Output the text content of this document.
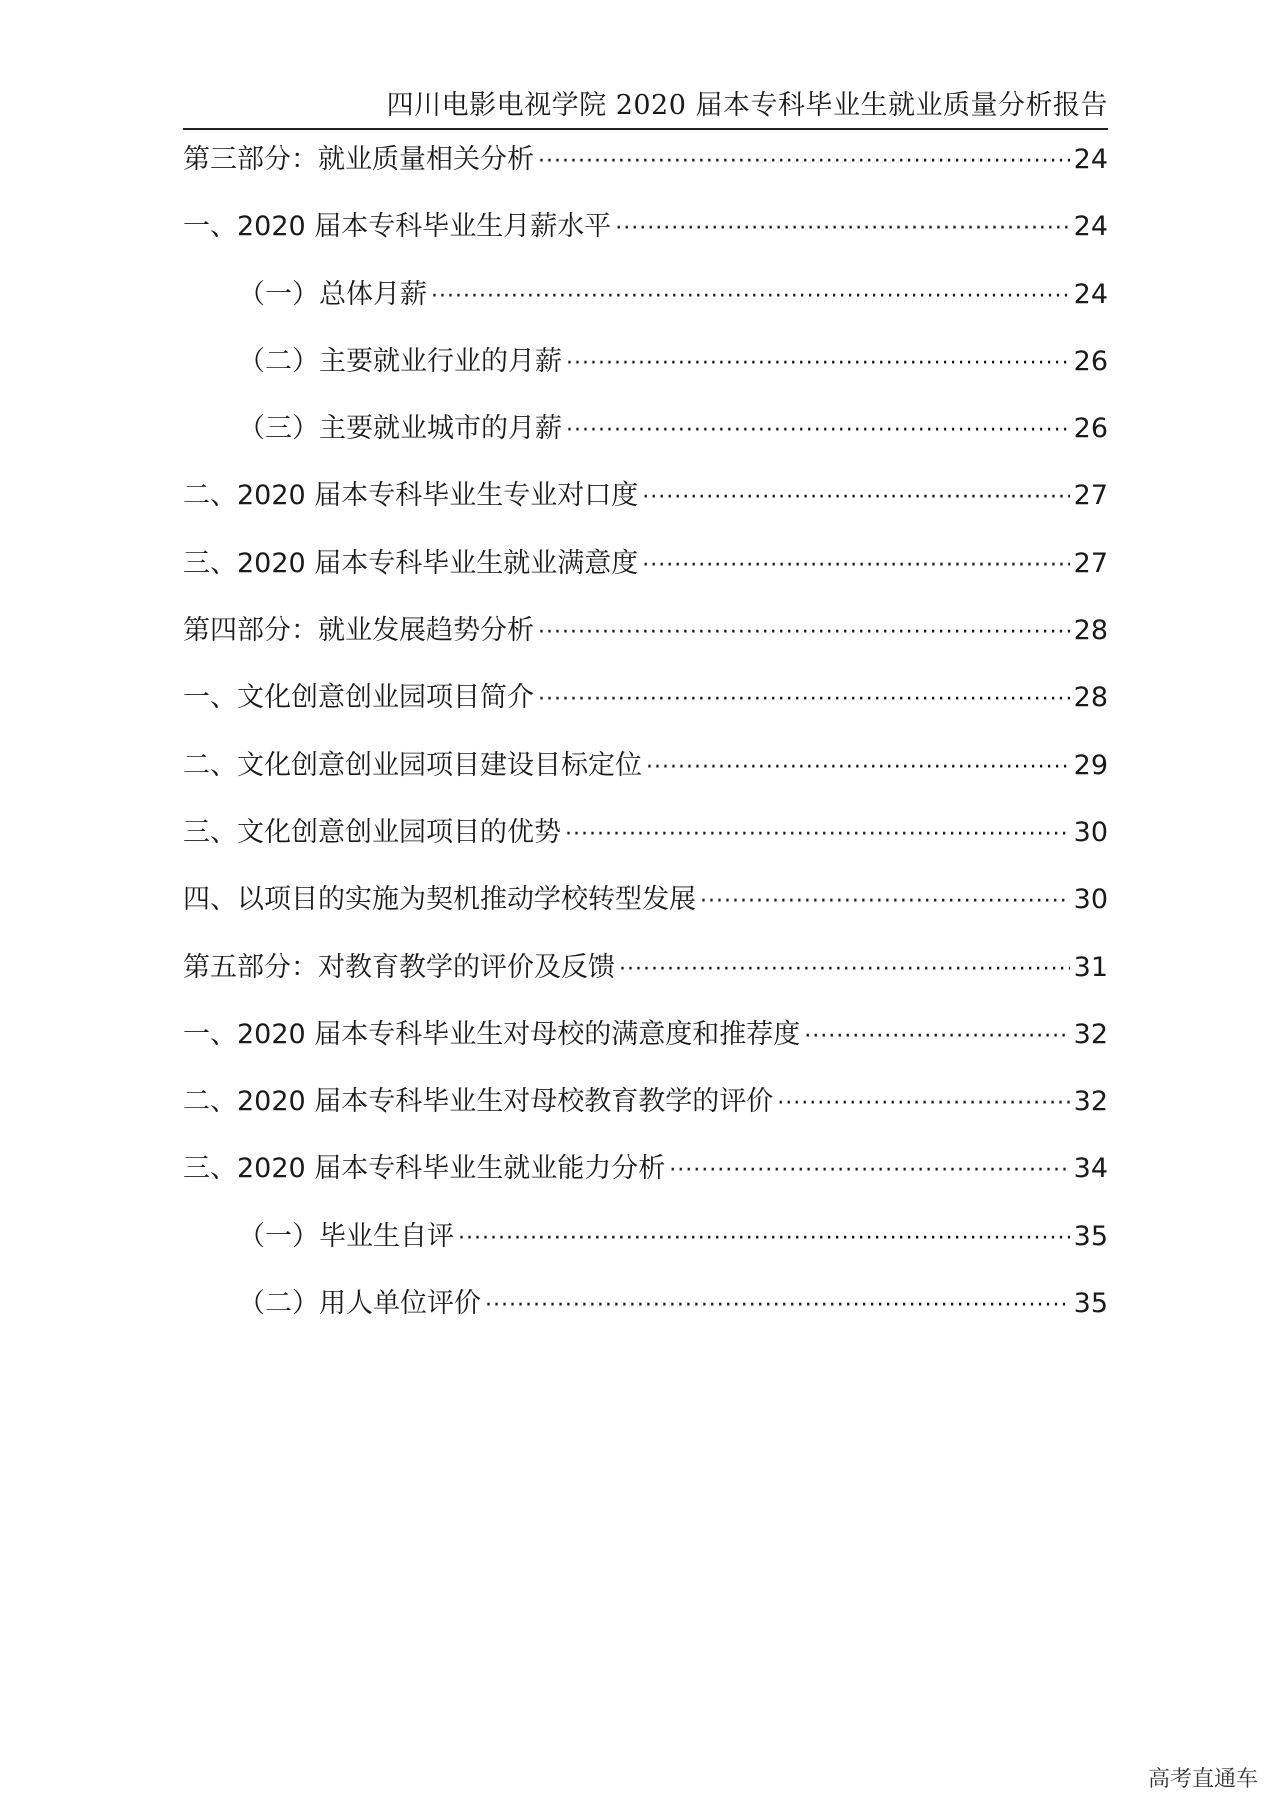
四川电影电视学院 2020 届本专科毕业生就业质量分析报告
第三部分：就业质量相关分析 ·····	24
一、2020 届本专科毕业生月薪水平 ·····	24
（一）总体月薪 ·····	24
（二）主要就业行业的月薪 ·····	26
（三）主要就业城市的月薪 ·····	26
二、2020 届本专科毕业生专业对口度 ·····	27
三、2020 届本专科毕业生就业满意度 ·····	27
第四部分：就业发展趋势分析 ·····	28
一、文化创意创业园项目简介 ·····	28
二、文化创意创业园项目建设目标定位 ·····	29
三、文化创意创业园项目的优势 ·····	30
四、以项目的实施为契机推动学校转型发展 ·····	30
第五部分：对教育教学的评价及反馈 ·····	31
一、2020 届本专科毕业生对母校的满意度和推荐度 ·····	32
二、2020 届本专科毕业生对母校教育教学的评价 ·····	32
三、2020 届本专科毕业生就业能力分析 ·····	34
（一）毕业生自评 ·····	35
（二）用人单位评价 ·····	35
高考直通车
